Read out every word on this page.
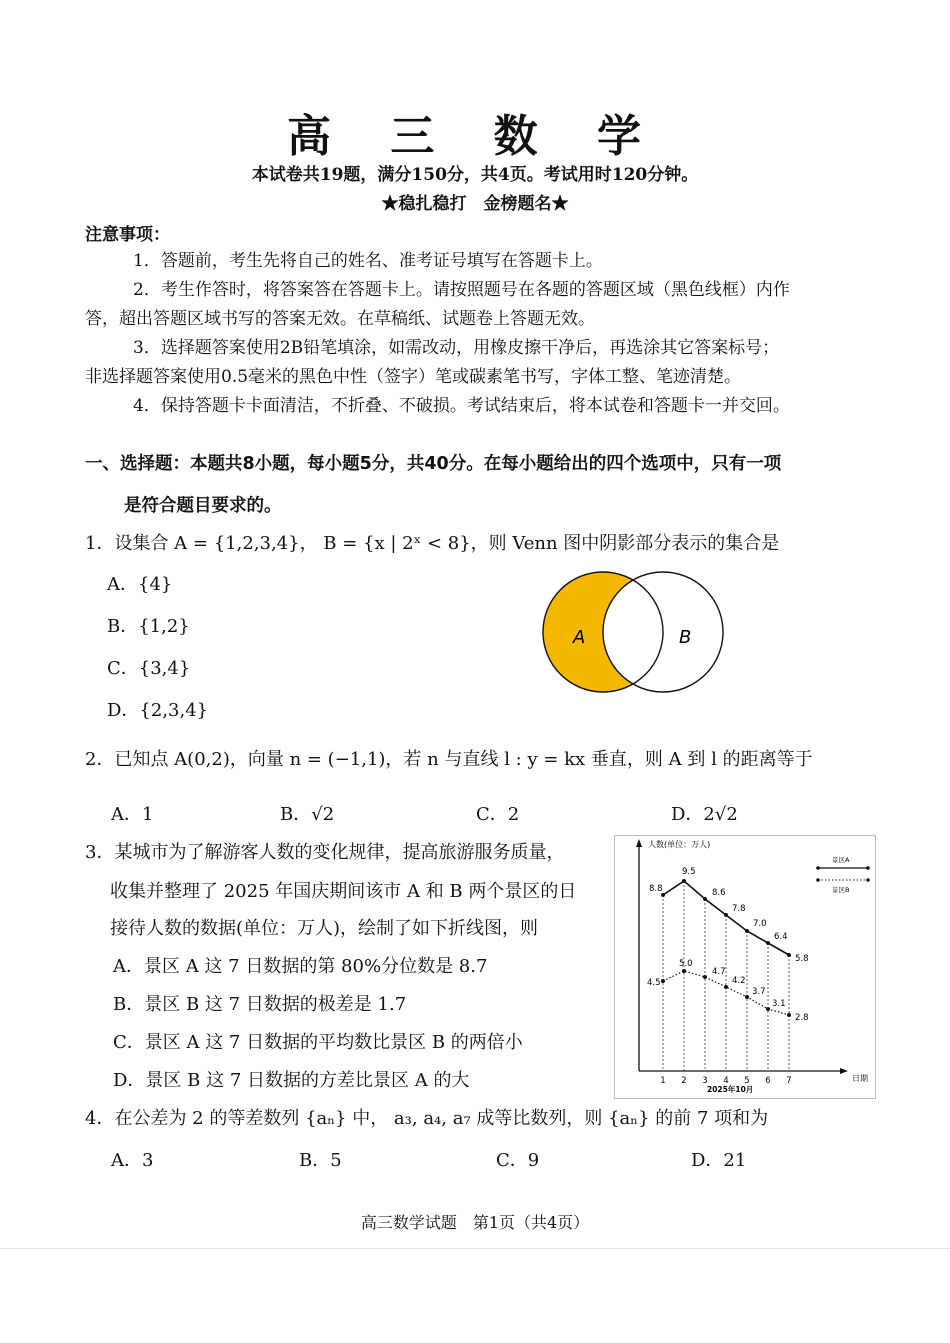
高 三 数 学
本试卷共19题，满分150分，共4页。考试用时120分钟。
★稳扎稳打　金榜题名★
注意事项：
1．答题前，考生先将自己的姓名、准考证号填写在答题卡上。
2．考生作答时，将答案答在答题卡上。请按照题号在各题的答题区域（黑色线框）内作
答，超出答题区域书写的答案无效。在草稿纸、试题卷上答题无效。
3．选择题答案使用2B铅笔填涂，如需改动，用橡皮擦干净后，再选涂其它答案标号；
非选择题答案使用0.5毫米的黑色中性（签字）笔或碳素笔书写，字体工整、笔迹清楚。
4．保持答题卡卡面清洁，不折叠、不破损。考试结束后，将本试卷和答题卡一并交回。
一、选择题：本题共8小题，每小题5分，共40分。在每小题给出的四个选项中，只有一项
是符合题目要求的。
1．设集合 A = {1,2,3,4}， B = {x | 2ˣ < 8}，则 Venn 图中阴影部分表示的集合是
A．{4}
B．{1,2}
C．{3,4}
D．{2,3,4}
A	B
2．已知点 A(0,2)，向量 n = (−1,1)，若 n 与直线 l : y = kx 垂直，则 A 到 l 的距离等于
A．1	B．√2	C．2	D．2√2
3．某城市为了解游客人数的变化规律，提高旅游服务质量，
收集并整理了 2025 年国庆期间该市 A 和 B 两个景区的日
接待人数的数据(单位：万人)，绘制了如下折线图，则
A．景区 A 这 7 日数据的第 80%分位数是 8.7
B．景区 B 这 7 日数据的极差是 1.7
C．景区 A 这 7 日数据的平均数比景区 B 的两倍小
D．景区 B 这 7 日数据的方差比景区 A 的大
人数(单位：万人)
日期
2025年10月
1 2 3 4 5 6 7
8.8
9.5
8.6
7.8
7.0
6.4
5.8
4.5
5.0
4.7
4.2
3.7
3.1
2.8
景区A
景区B
4．在公差为 2 的等差数列 {aₙ} 中， a₃, a₄, a₇ 成等比数列，则 {aₙ} 的前 7 项和为
A．3	B．5	C．9	D．21
高三数学试题　第1页（共4页）
